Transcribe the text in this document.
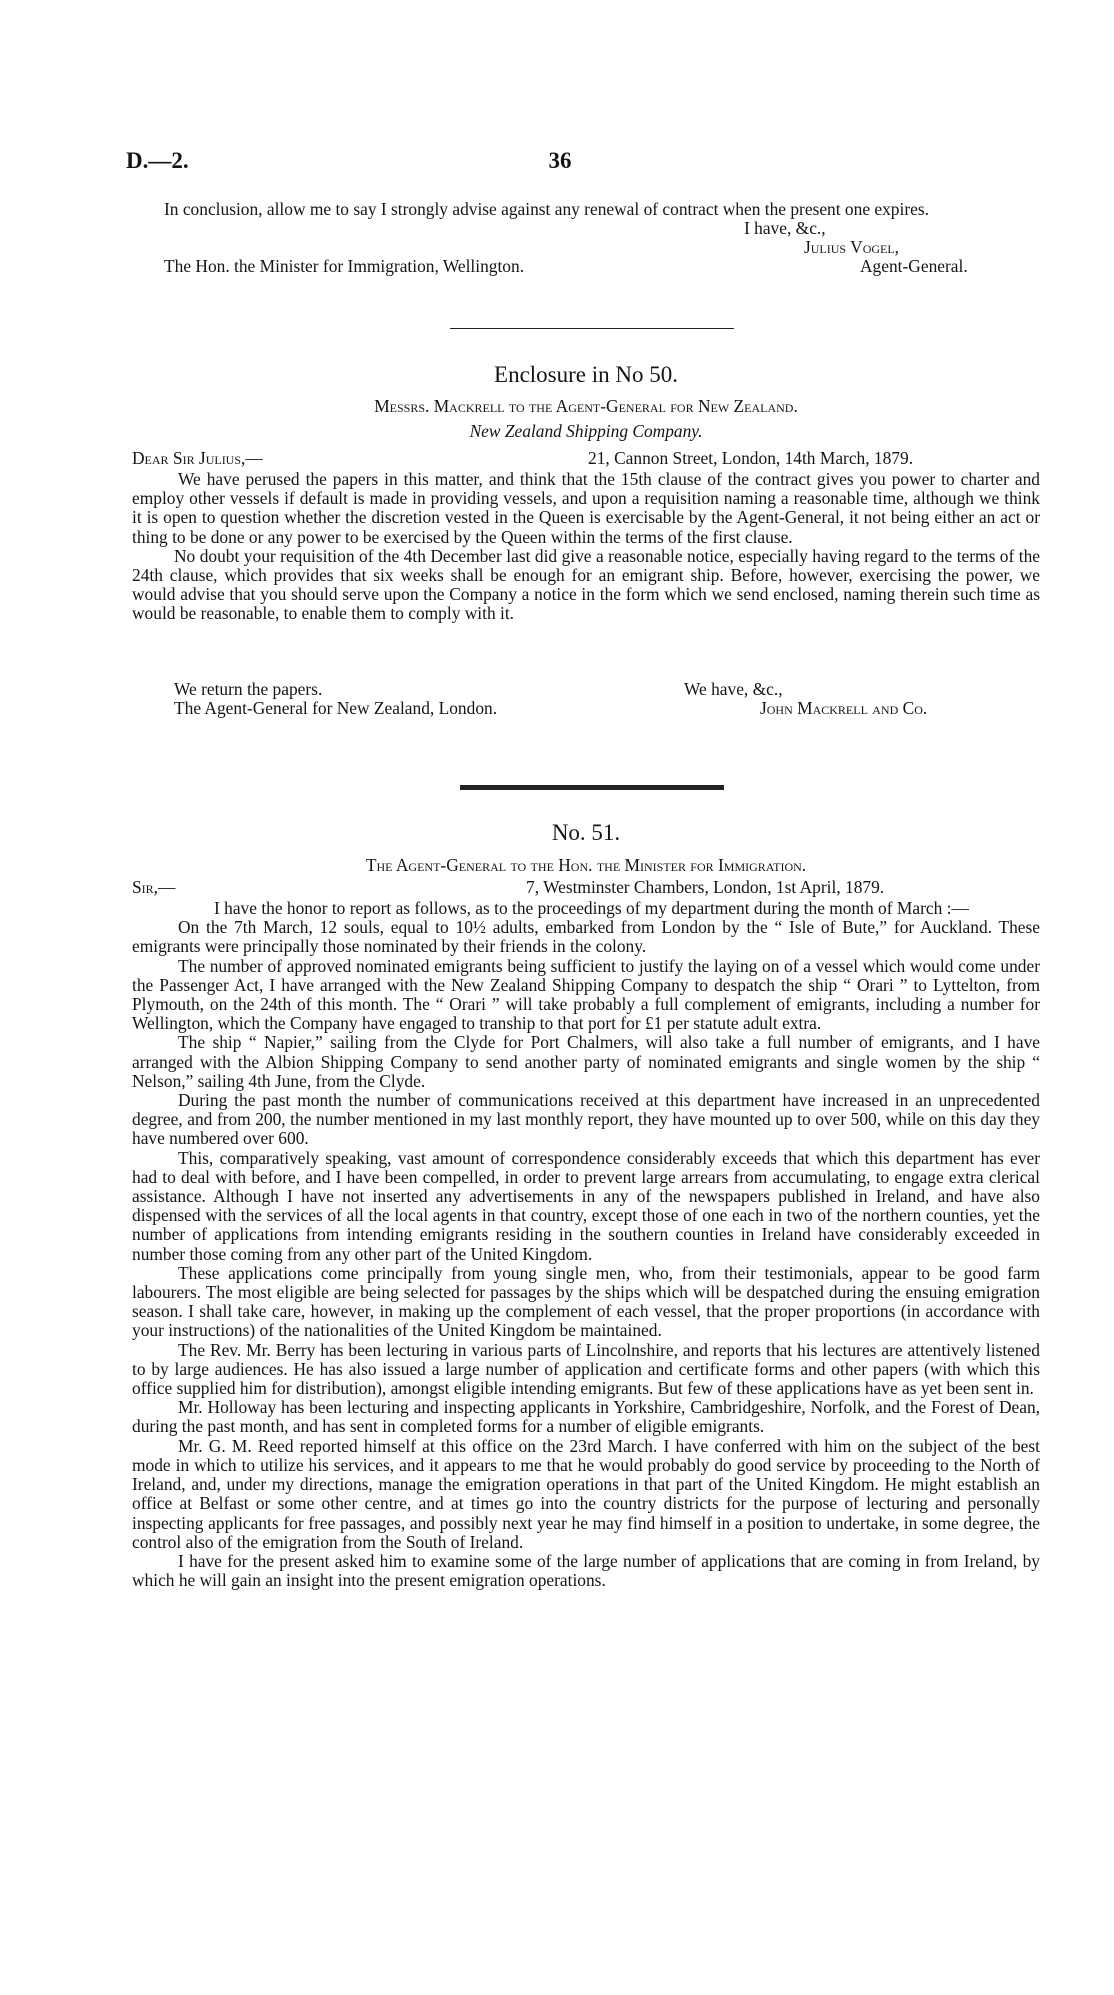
36
D.—2.

In conclusion, allow me to say I strongly advise against any renewal of contract when the present one expires.

I have, &c.,
Julius Vogel,
The Hon. the Minister for Immigration, Wellington.	Agent-General.
Enclosure in No 50.
Messrs. Mackrell to the Agent-General for New Zealand.
New Zealand Shipping Company.
Dear Sir Julius,—	21, Cannon Street, London, 14th March, 1879.

We have perused the papers in this matter, and think that the 15th clause of the contract gives you power to charter and employ other vessels if default is made in providing vessels, and upon a requisition naming a reasonable time, although we think it is open to question whether the discretion vested in the Queen is exercisable by the Agent-General, it not being either an act or thing to be done or any power to be exercised by the Queen within the terms of the first clause.

No doubt your requisition of the 4th December last did give a reasonable notice, especially having regard to the terms of the 24th clause, which provides that six weeks shall be enough for an emigrant ship. Before, however, exercising the power, we would advise that you should serve upon the Company a notice in the form which we send enclosed, naming therein such time as would be reasonable, to enable them to comply with it.

We return the papers.	We have, &c.,
The Agent-General for New Zealand, London.	John Mackrell and Co.
No. 51.
The Agent-General to the Hon. the Minister for Immigration.
Sir,—	7, Westminster Chambers, London, 1st April, 1879.

I have the honor to report as follows, as to the proceedings of my department during the month of March :—

On the 7th March, 12 souls, equal to 10½ adults, embarked from London by the “ Isle of Bute,” for Auckland. These emigrants were principally those nominated by their friends in the colony.

The number of approved nominated emigrants being sufficient to justify the laying on of a vessel which would come under the Passenger Act, I have arranged with the New Zealand Shipping Company to despatch the ship “ Orari ” to Lyttelton, from Plymouth, on the 24th of this month. The “ Orari ” will take probably a full complement of emigrants, including a number for Wellington, which the Company have engaged to tranship to that port for £1 per statute adult extra.

The ship “ Napier,” sailing from the Clyde for Port Chalmers, will also take a full number of emigrants, and I have arranged with the Albion Shipping Company to send another party of nominated emigrants and single women by the ship “ Nelson,” sailing 4th June, from the Clyde.

During the past month the number of communications received at this department have increased in an unprecedented degree, and from 200, the number mentioned in my last monthly report, they have mounted up to over 500, while on this day they have numbered over 600.

This, comparatively speaking, vast amount of correspondence considerably exceeds that which this department has ever had to deal with before, and I have been compelled, in order to prevent large arrears from accumulating, to engage extra clerical assistance. Although I have not inserted any advertisements in any of the newspapers published in Ireland, and have also dispensed with the services of all the local agents in that country, except those of one each in two of the northern counties, yet the number of applications from intending emigrants residing in the southern counties in Ireland have considerably exceeded in number those coming from any other part of the United Kingdom.

These applications come principally from young single men, who, from their testimonials, appear to be good farm labourers. The most eligible are being selected for passages by the ships which will be despatched during the ensuing emigration season. I shall take care, however, in making up the complement of each vessel, that the proper proportions (in accordance with your instructions) of the nationalities of the United Kingdom be maintained.

The Rev. Mr. Berry has been lecturing in various parts of Lincolnshire, and reports that his lectures are attentively listened to by large audiences. He has also issued a large number of application and certificate forms and other papers (with which this office supplied him for distribution), amongst eligible intending emigrants. But few of these applications have as yet been sent in.

Mr. Holloway has been lecturing and inspecting applicants in Yorkshire, Cambridgeshire, Norfolk, and the Forest of Dean, during the past month, and has sent in completed forms for a number of eligible emigrants.

Mr. G. M. Reed reported himself at this office on the 23rd March. I have conferred with him on the subject of the best mode in which to utilize his services, and it appears to me that he would probably do good service by proceeding to the North of Ireland, and, under my directions, manage the emigration operations in that part of the United Kingdom. He might establish an office at Belfast or some other centre, and at times go into the country districts for the purpose of lecturing and personally inspecting applicants for free passages, and possibly next year he may find himself in a position to undertake, in some degree, the control also of the emigration from the South of Ireland.

I have for the present asked him to examine some of the large number of applications that are coming in from Ireland, by which he will gain an insight into the present emigration operations.
